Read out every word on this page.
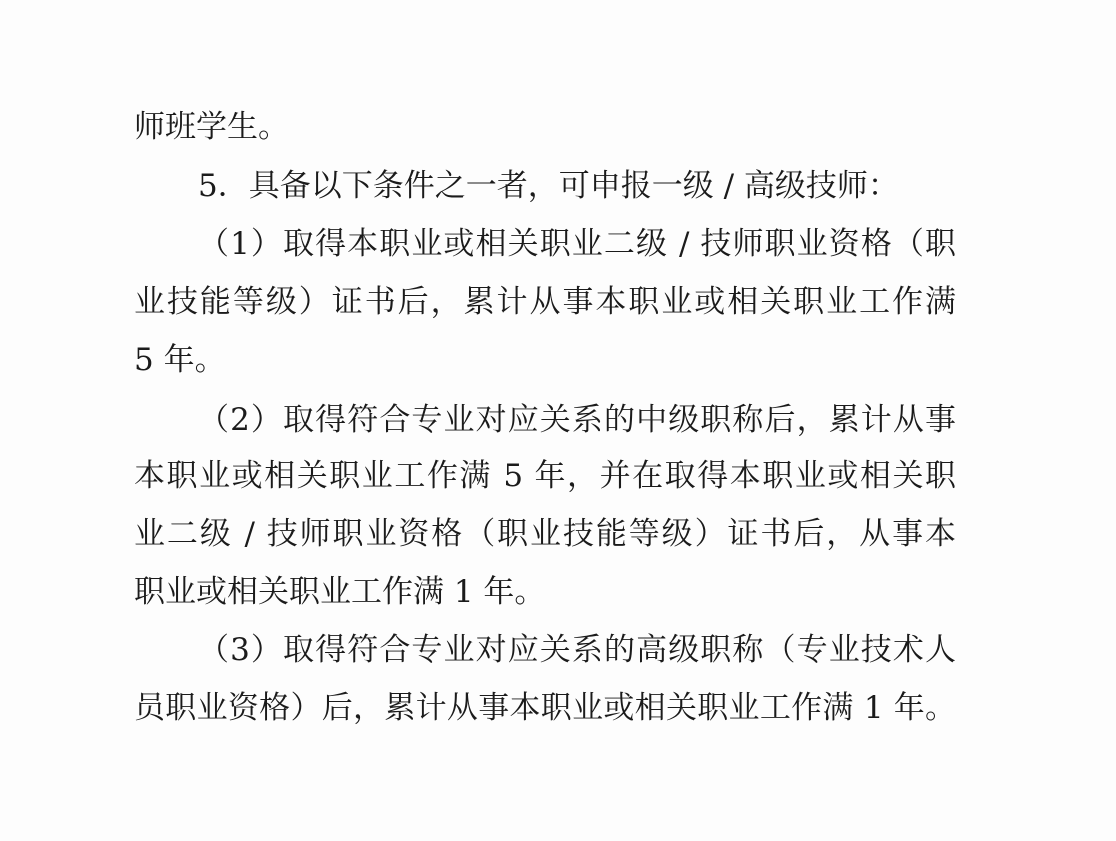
师班学生。
5．具备以下条件之一者，可申报一级 / 高级技师：
（1）取得本职业或相关职业二级 / 技师职业资格（职
业技能等级）证书后，累计从事本职业或相关职业工作满
5 年。
（2）取得符合专业对应关系的中级职称后，累计从事
本职业或相关职业工作满 5 年，并在取得本职业或相关职
业二级 / 技师职业资格（职业技能等级）证书后，从事本
职业或相关职业工作满 1 年。
（3）取得符合专业对应关系的高级职称（专业技术人
员职业资格）后，累计从事本职业或相关职业工作满 1 年。
